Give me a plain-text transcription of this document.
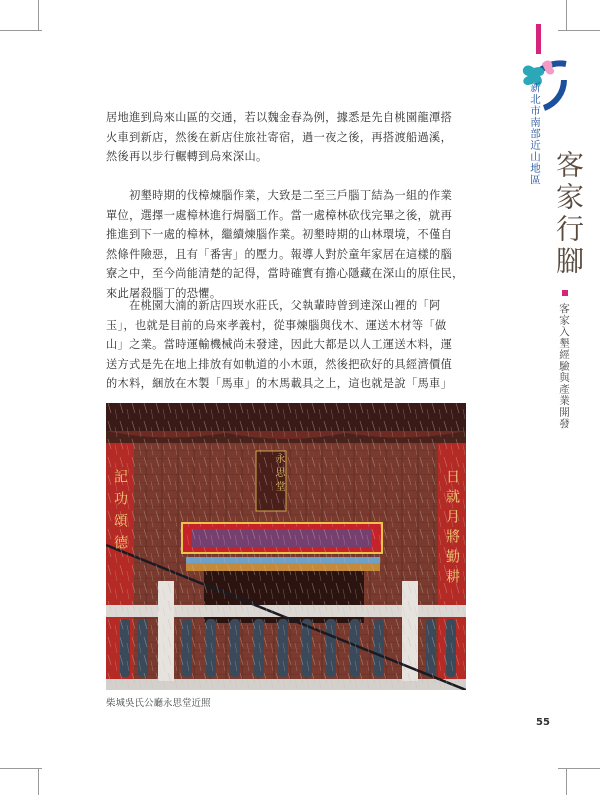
居地進到烏來山區的交通，若以魏金春為例，據悉是先自桃園龍潭搭
火車到新店，然後在新店住旅社寄宿，過一夜之後，再搭渡船過溪，
然後再以步行輾轉到烏來深山。
　　初墾時期的伐樟煉腦作業，大致是二至三戶腦丁結為一組的作業
單位，選擇一處樟林進行焗腦工作。當一處樟林砍伐完畢之後，就再
推進到下一處的樟林，繼續煉腦作業。初墾時期的山林環境，不僅自
然條件險惡，且有「番害」的壓力。報導人對於童年家居在這樣的腦
寮之中，至今尚能清楚的記得，當時確實有擔心隱藏在深山的原住民，
來此屠殺腦丁的恐懼。
　　在桃園大湳的新店四崁水莊氏，父執輩時曾到達深山裡的「阿
玉」，也就是目前的烏來孝義村，從事煉腦與伐木、運送木材等「做
山」之業。當時運輸機械尚未發達，因此大都是以人工運送木料，運
送方式是先在地上排放有如軌道的小木頭，然後把砍好的具經濟價值
的木料，綑放在木製「馬車」的木馬載具之上，這也就是說「馬車」
新北市南部近山地區
客家行腳
客家入墾經驗與產業開發
永思堂
記功頌德	日就月將勤耕
柴城吳氏公廳永思堂近照
55
